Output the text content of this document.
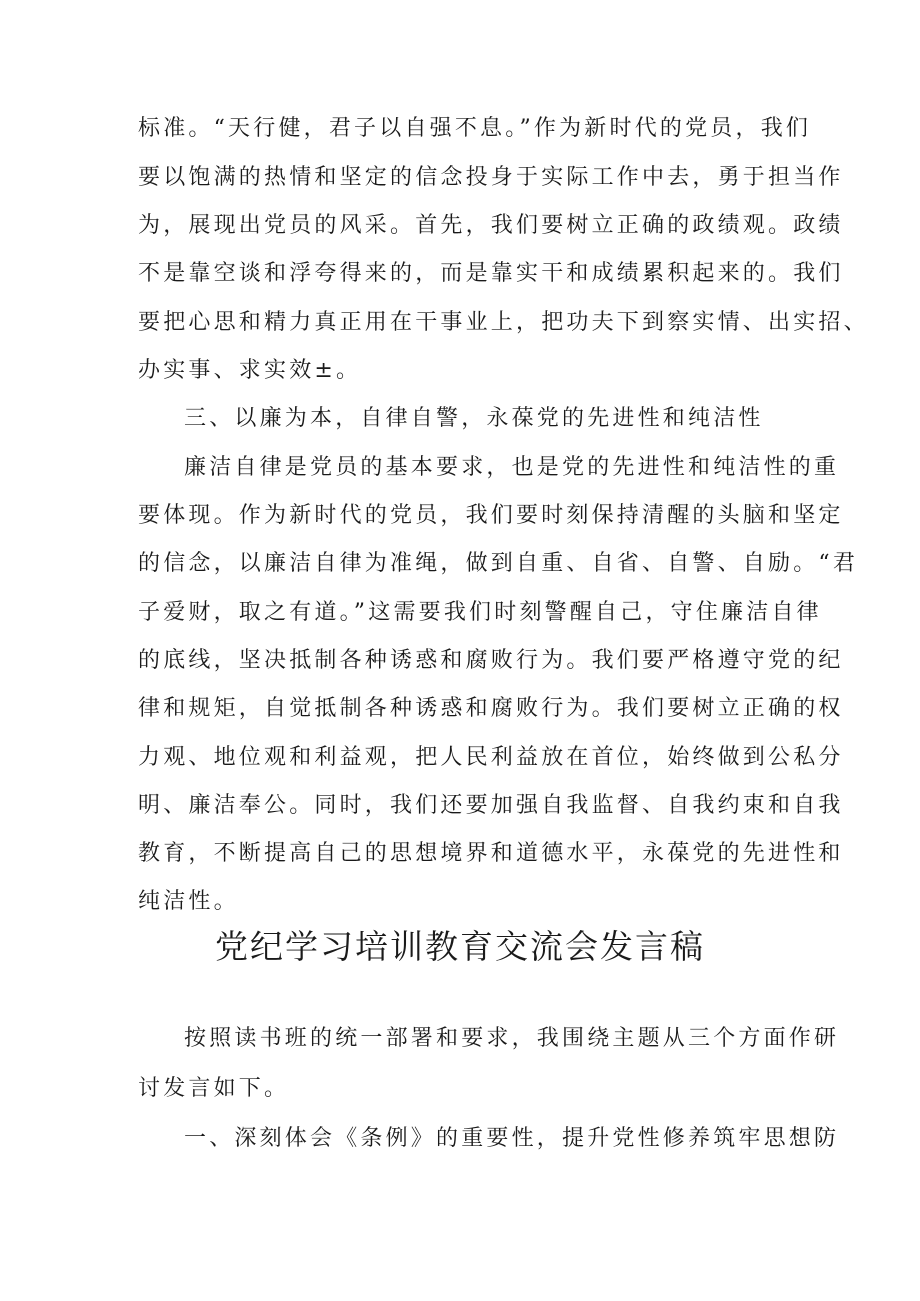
标准。“天行健，君子以自强不息。”作为新时代的党员，我们
要以饱满的热情和坚定的信念投身于实际工作中去，勇于担当作
为，展现出党员的风采。首先，我们要树立正确的政绩观。政绩
不是靠空谈和浮夸得来的，而是靠实干和成绩累积起来的。我们
要把心思和精力真正用在干事业上，把功夫下到察实情、出实招、
办实事、求实效±。
三、以廉为本，自律自警，永葆党的先进性和纯洁性
廉洁自律是党员的基本要求，也是党的先进性和纯洁性的重
要体现。作为新时代的党员，我们要时刻保持清醒的头脑和坚定
的信念，以廉洁自律为准绳，做到自重、自省、自警、自励。“君
子爱财，取之有道。”这需要我们时刻警醒自己，守住廉洁自律
的底线，坚决抵制各种诱惑和腐败行为。我们要严格遵守党的纪
律和规矩，自觉抵制各种诱惑和腐败行为。我们要树立正确的权
力观、地位观和利益观，把人民利益放在首位，始终做到公私分
明、廉洁奉公。同时，我们还要加强自我监督、自我约束和自我
教育，不断提高自己的思想境界和道德水平，永葆党的先进性和
纯洁性。
党纪学习培训教育交流会发言稿
按照读书班的统一部署和要求，我围绕主题从三个方面作研
讨发言如下。
一、深刻体会《条例》的重要性，提升党性修养筑牢思想防
